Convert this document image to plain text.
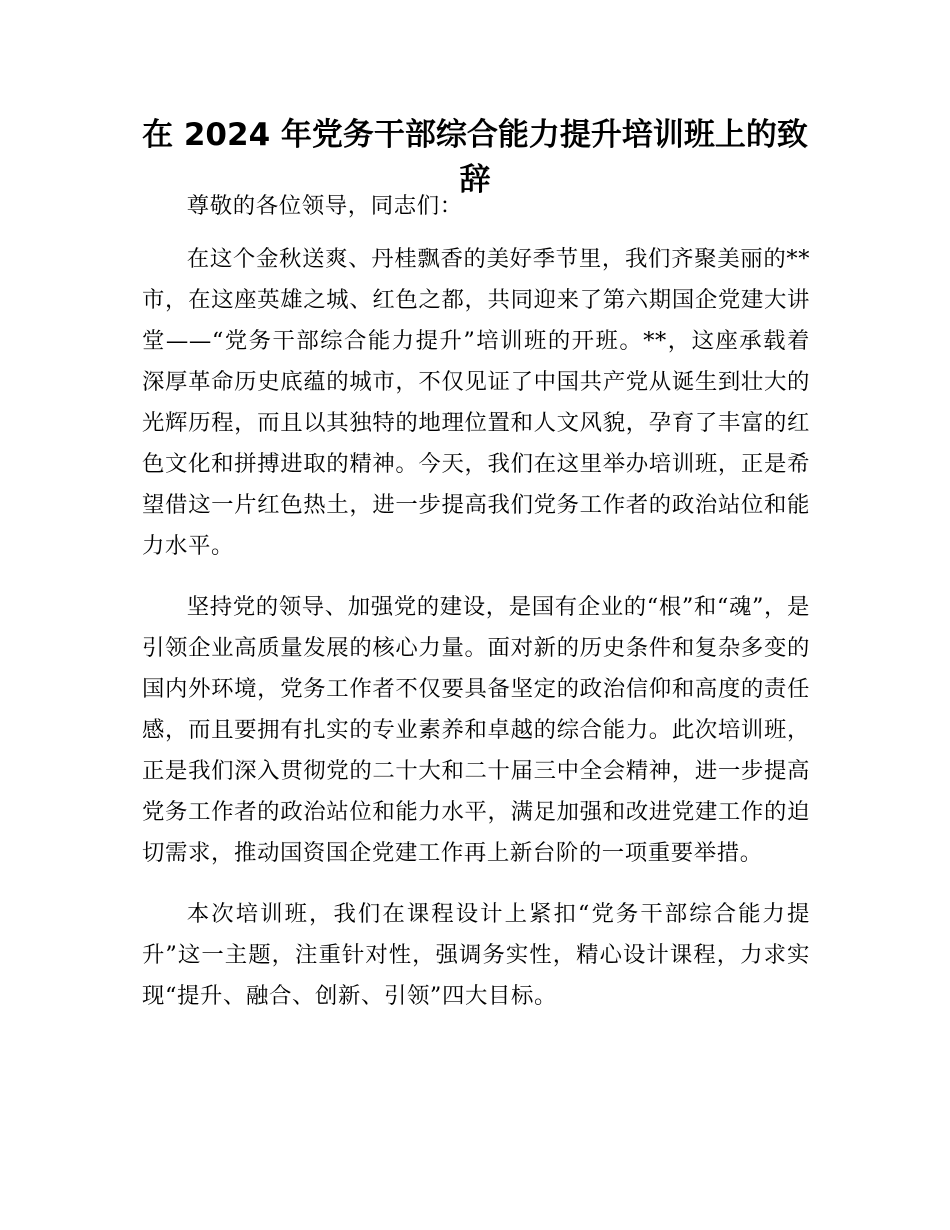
在 2024 年党务干部综合能力提升培训班上的致辞

尊敬的各位领导，同志们：

在这个金秋送爽、丹桂飘香的美好季节里，我们齐聚美丽的**市，在这座英雄之城、红色之都，共同迎来了第六期国企党建大讲堂——“党务干部综合能力提升”培训班的开班。**，这座承载着深厚革命历史底蕴的城市，不仅见证了中国共产党从诞生到壮大的光辉历程，而且以其独特的地理位置和人文风貌，孕育了丰富的红色文化和拼搏进取的精神。今天，我们在这里举办培训班，正是希望借这一片红色热土，进一步提高我们党务工作者的政治站位和能力水平。

坚持党的领导、加强党的建设，是国有企业的“根”和“魂”，是引领企业高质量发展的核心力量。面对新的历史条件和复杂多变的国内外环境，党务工作者不仅要具备坚定的政治信仰和高度的责任感，而且要拥有扎实的专业素养和卓越的综合能力。此次培训班，正是我们深入贯彻党的二十大和二十届三中全会精神，进一步提高党务工作者的政治站位和能力水平，满足加强和改进党建工作的迫切需求，推动国资国企党建工作再上新台阶的一项重要举措。

本次培训班，我们在课程设计上紧扣“党务干部综合能力提升”这一主题，注重针对性，强调务实性，精心设计课程，力求实现“提升、融合、创新、引领”四大目标。
